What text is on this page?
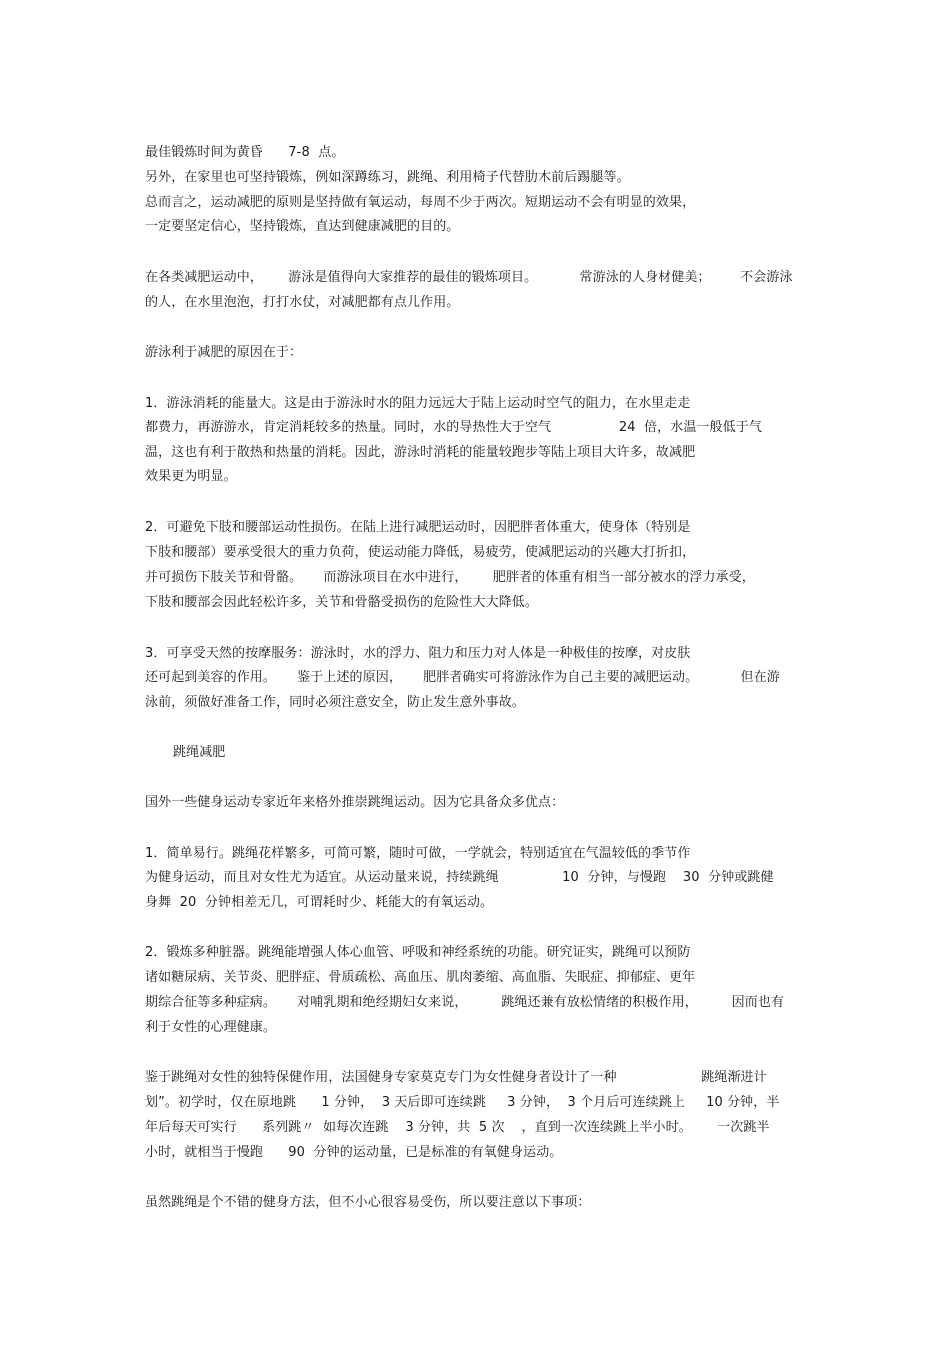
最佳锻炼时间为黄昏      7-8  点。
另外，在家里也可坚持锻炼，例如深蹲练习，跳绳、利用椅子代替肋木前后踢腿等。
总而言之，运动减肥的原则是坚持做有氧运动，每周不少于两次。短期运动不会有明显的效果，
一定要坚定信心，坚持锻炼，直达到健康减肥的目的。
在各类减肥运动中，      游泳是值得向大家推荐的最佳的锻炼项目。          常游泳的人身材健美；       不会游泳
的人，在水里泡泡，打打水仗，对减肥都有点儿作用。
游泳利于减肥的原因在于：
1．游泳消耗的能量大。这是由于游泳时水的阻力远远大于陆上运动时空气的阻力，在水里走走
都费力，再游游水，肯定消耗较多的热量。同时，水的导热性大于空气                24  倍，水温一般低于气
温，这也有利于散热和热量的消耗。因此，游泳时消耗的能量较跑步等陆上项目大许多，故减肥
效果更为明显。
2．可避免下肢和腰部运动性损伤。在陆上进行减肥运动时，因肥胖者体重大，使身体（特别是
下肢和腰部）要承受很大的重力负荷，使运动能力降低，易疲劳，使减肥运动的兴趣大打折扣，
并可损伤下肢关节和骨骼。     而游泳项目在水中进行，      肥胖者的体重有相当一部分被水的浮力承受，
下肢和腰部会因此轻松许多，关节和骨骼受损伤的危险性大大降低。
3．可享受天然的按摩服务：游泳时，水的浮力、阻力和压力对人体是一种极佳的按摩，对皮肤
还可起到美容的作用。     鉴于上述的原因，     肥胖者确实可将游泳作为自己主要的减肥运动。          但在游
泳前，须做好准备工作，同时必须注意安全，防止发生意外事故。
跳绳减肥
国外一些健身运动专家近年来格外推崇跳绳运动。因为它具备众多优点：
1．简单易行。跳绳花样繁多，可简可繁，随时可做，一学就会，特别适宜在气温较低的季节作
为健身运动，而且对女性尤为适宜。从运动量来说，持续跳绳               10  分钟，与慢跑    30  分钟或跳健
身舞  20  分钟相差无几，可谓耗时少、耗能大的有氧运动。
2．锻炼多种脏器。跳绳能增强人体心血管、呼吸和神经系统的功能。研究证实，跳绳可以预防
诸如糖尿病、关节炎、肥胖症、骨质疏松、高血压、肌肉萎缩、高血脂、失眠症、抑郁症、更年
期综合征等多种症病。     对哺乳期和绝经期妇女来说，        跳绳还兼有放松情绪的积极作用，        因而也有
利于女性的心理健康。
鉴于跳绳对女性的独特保健作用，法国健身专家莫克专门为女性健身者设计了一种                    跳绳渐进计
划”。初学时，仅在原地跳      1 分钟，  3 天后即可连续跳     3 分钟，  3 个月后可连续跳上     10 分钟，半
年后每天可实行      系列跳〃  如每次连跳    3 分钟，共  5 次    ，直到一次连续跳上半小时。      一次跳半
小时，就相当于慢跑      90  分钟的运动量，已是标准的有氧健身运动。
虽然跳绳是个不错的健身方法，但不小心很容易受伤，所以要注意以下事项：
